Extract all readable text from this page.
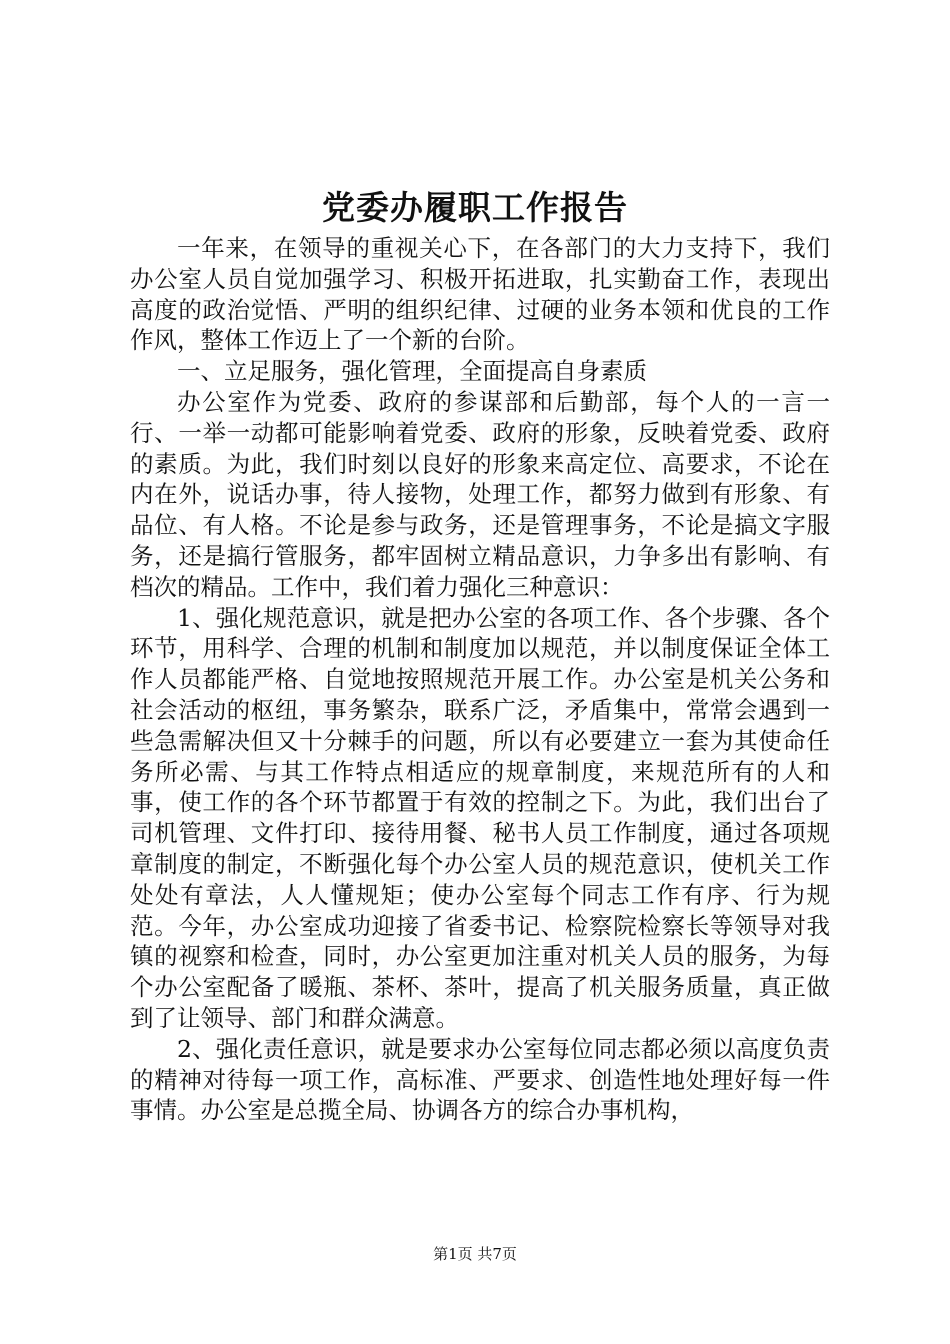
党委办履职工作报告

一年来，在领导的重视关心下，在各部门的大力支持下，我们办公室人员自觉加强学习、积极开拓进取，扎实勤奋工作，表现出高度的政治觉悟、严明的组织纪律、过硬的业务本领和优良的工作作风，整体工作迈上了一个新的台阶。

一、立足服务，强化管理，全面提高自身素质

办公室作为党委、政府的参谋部和后勤部，每个人的一言一行、一举一动都可能影响着党委、政府的形象，反映着党委、政府的素质。为此，我们时刻以良好的形象来高定位、高要求，不论在内在外，说话办事，待人接物，处理工作，都努力做到有形象、有品位、有人格。不论是参与政务，还是管理事务，不论是搞文字服务，还是搞行管服务，都牢固树立精品意识，力争多出有影响、有档次的精品。工作中，我们着力强化三种意识：

1、强化规范意识，就是把办公室的各项工作、各个步骤、各个环节，用科学、合理的机制和制度加以规范，并以制度保证全体工作人员都能严格、自觉地按照规范开展工作。办公室是机关公务和社会活动的枢纽，事务繁杂，联系广泛，矛盾集中，常常会遇到一些急需解决但又十分棘手的问题，所以有必要建立一套为其使命任务所必需、与其工作特点相适应的规章制度，来规范所有的人和事，使工作的各个环节都置于有效的控制之下。为此，我们出台了司机管理、文件打印、接待用餐、秘书人员工作制度，通过各项规章制度的制定，不断强化每个办公室人员的规范意识，使机关工作处处有章法，人人懂规矩；使办公室每个同志工作有序、行为规范。今年，办公室成功迎接了省委书记、检察院检察长等领导对我镇的视察和检查，同时，办公室更加注重对机关人员的服务，为每个办公室配备了暖瓶、茶杯、茶叶，提高了机关服务质量，真正做到了让领导、部门和群众满意。

2、强化责任意识，就是要求办公室每位同志都必须以高度负责的精神对待每一项工作，高标准、严要求、创造性地处理好每一件事情。办公室是总揽全局、协调各方的综合办事机构，

第1页 共7页
